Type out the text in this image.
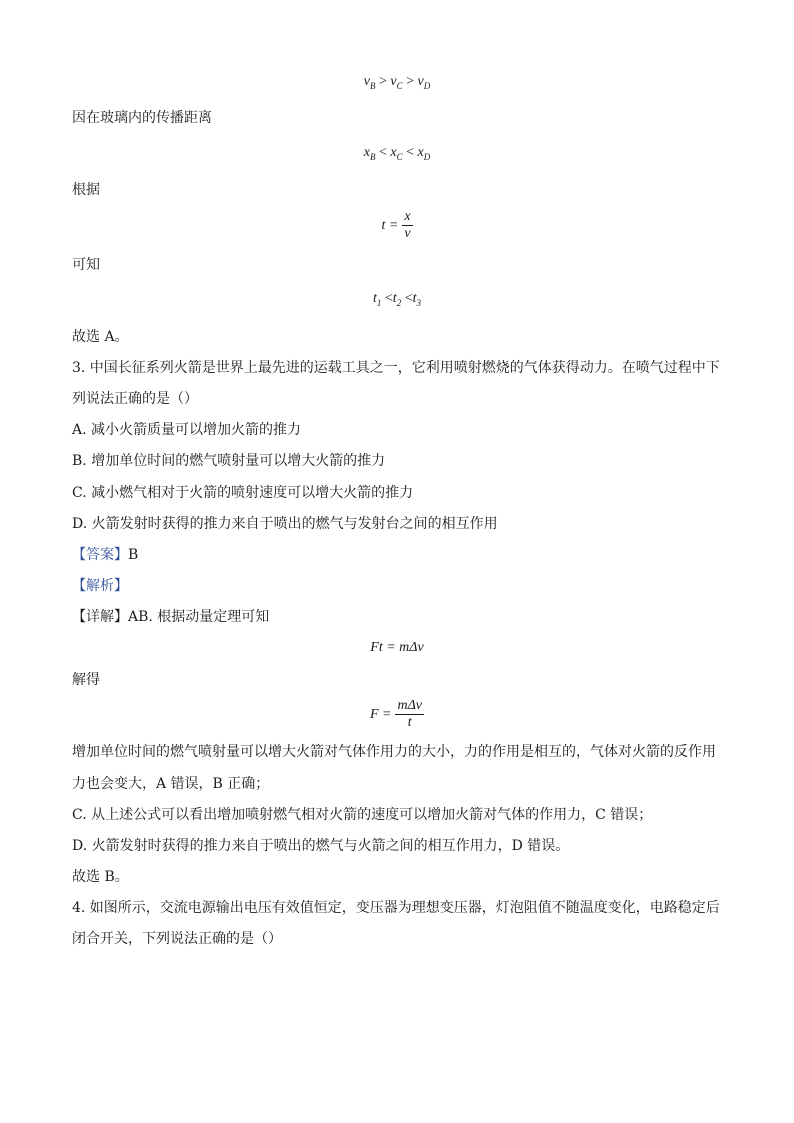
$v_B > v_C > v_D$
因在玻璃内的传播距离
$x_B < x_C < x_D$
根据
$t = \frac{x}{v}$
可知
$t_1 <t_2 <t_3$
故选 A。
3. 中国长征系列火箭是世界上最先进的运载工具之一，它利用喷射燃烧的气体获得动力。在喷气过程中下
列说法正确的是（）
A. 减小火箭质量可以增加火箭的推力
B. 增加单位时间的燃气喷射量可以增大火箭的推力
C. 减小燃气相对于火箭的喷射速度可以增大火箭的推力
D. 火箭发射时获得的推力来自于喷出的燃气与发射台之间的相互作用
【答案】B
【解析】
【详解】AB. 根据动量定理可知
Ft = mΔv
解得
$F = \frac{\text{mΔv}}{t}$
增加单位时间的燃气喷射量可以增大火箭对气体作用力的大小，力的作用是相互的，气体对火箭的反作用
力也会变大，A 错误，B 正确；
C. 从上述公式可以看出增加喷射燃气相对火箭的速度可以增加火箭对气体的作用力，C 错误；
D. 火箭发射时获得的推力来自于喷出的燃气与火箭之间的相互作用力，D 错误。
故选 B。
4. 如图所示，交流电源输出电压有效值恒定，变压器为理想变压器，灯泡阻值不随温度变化，电路稳定后
闭合开关，下列说法正确的是（）
